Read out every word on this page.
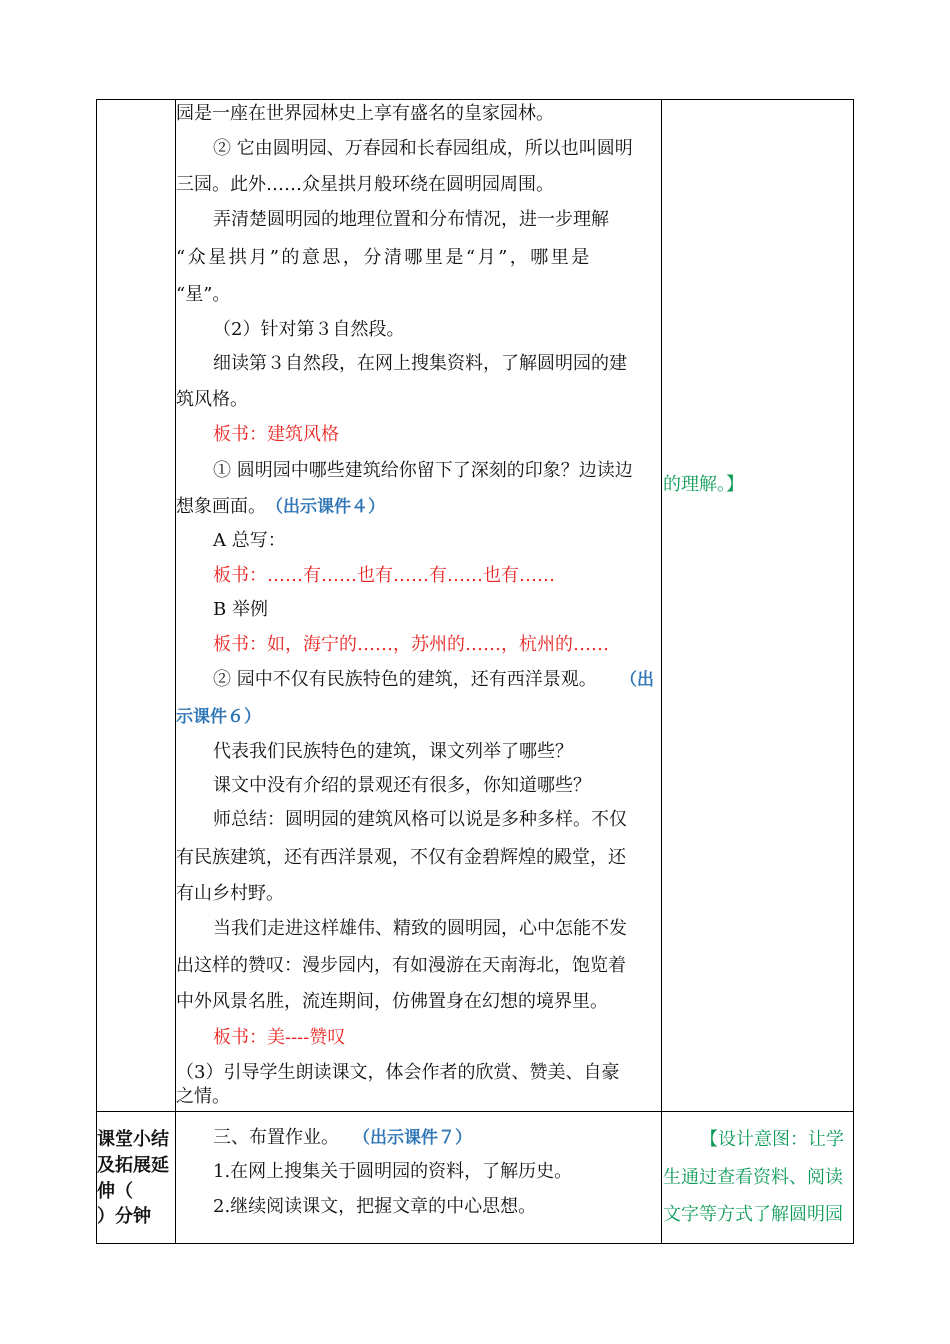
园是一座在世界园林史上享有盛名的皇家园林。
② 它由圆明园、万春园和长春园组成，所以也叫圆明
三园。此外……众星拱月般环绕在圆明园周围。
弄清楚圆明园的地理位置和分布情况，进一步理解
“众星拱月”的意思，分清哪里是“月”，哪里是
“星”。
（2）针对第３自然段。
细读第３自然段，在网上搜集资料，了解圆明园的建
筑风格。
板书：建筑风格
① 圆明园中哪些建筑给你留下了深刻的印象？边读边
想象画面。 （出示课件４）
A 总写：
板书：……有……也有……有……也有……
B 举例
板书：如，海宁的……，苏州的……，杭州的……
② 园中不仅有民族特色的建筑，还有西洋景观。 （出
示课件６）
代表我们民族特色的建筑，课文列举了哪些？
课文中没有介绍的景观还有很多，你知道哪些？
师总结：圆明园的建筑风格可以说是多种多样。不仅
有民族建筑，还有西洋景观，不仅有金碧辉煌的殿堂，还
有山乡村野。
当我们走进这样雄伟、精致的圆明园，心中怎能不发
出这样的赞叹：漫步园内，有如漫游在天南海北，饱览着
中外风景名胜，流连期间，仿佛置身在幻想的境界里。
板书：美----赞叹
（3）引导学生朗读课文，体会作者的欣赏、赞美、自豪
之情。
的理解。】
课堂小结
及拓展延
伸（
）分钟
三、布置作业。 （出示课件７）
1.在网上搜集关于圆明园的资料，了解历史。
2.继续阅读课文，把握文章的中心思想。
【设计意图：让学
生通过查看资料、阅读
文字等方式了解圆明园
